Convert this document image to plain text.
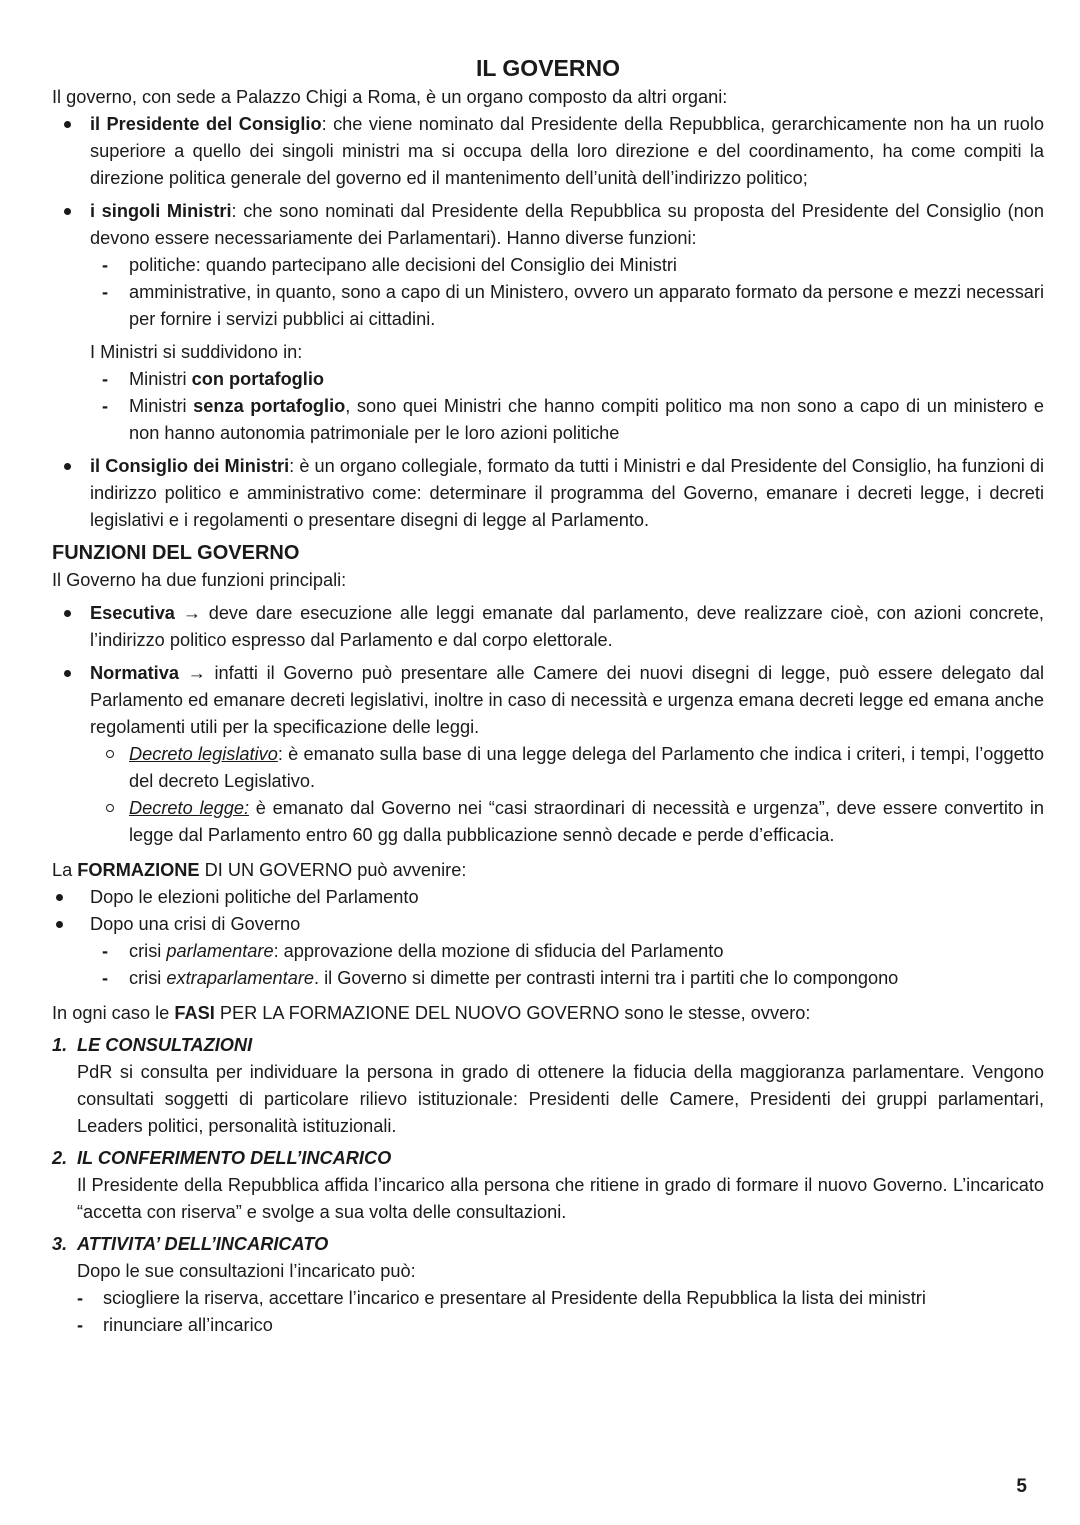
IL GOVERNO

Il governo, con sede a Palazzo Chigi a Roma, è un organo composto da altri organi:

il Presidente del Consiglio: che viene nominato dal Presidente della Repubblica, gerarchicamente non ha un ruolo superiore a quello dei singoli ministri ma si occupa della loro direzione e del coordinamento, ha come compiti la direzione politica generale del governo ed il mantenimento dell’unità dell’indirizzo politico;
i singoli Ministri: che sono nominati dal Presidente della Repubblica su proposta del Presidente del Consiglio (non devono essere necessariamente dei Parlamentari). Hanno diverse funzioni:
- politiche: quando partecipano alle decisioni del Consiglio dei Ministri
- amministrative, in quanto, sono a capo di un Ministero, ovvero un apparato formato da persone e mezzi necessari per fornire i servizi pubblici ai cittadini.
I Ministri si suddividono in:
- Ministri con portafoglio
- Ministri senza portafoglio, sono quei Ministri che hanno compiti politico ma non sono a capo di un ministero e non hanno autonomia patrimoniale per le loro azioni politiche
il Consiglio dei Ministri: è un organo collegiale, formato da tutti i Ministri e dal Presidente del Consiglio, ha funzioni di indirizzo politico e amministrativo come: determinare il programma del Governo, emanare i decreti legge, i decreti legislativi e i regolamenti o presentare disegni di legge al Parlamento.
FUNZIONI DEL GOVERNO

Il Governo ha due funzioni principali:

Esecutiva → deve dare esecuzione alle leggi emanate dal parlamento, deve realizzare cioè, con azioni concrete, l’indirizzo politico espresso dal Parlamento e dal corpo elettorale.
Normativa → infatti il Governo può presentare alle Camere dei nuovi disegni di legge, può essere delegato dal Parlamento ed emanare decreti legislativi, inoltre in caso di necessità e urgenza emana decreti legge ed emana anche regolamenti utili per la specificazione delle leggi.
Decreto legislativo: è emanato sulla base di una legge delega del Parlamento che indica i criteri, i tempi, l’oggetto del decreto Legislativo.
Decreto legge: è emanato dal Governo nei “casi straordinari di necessità e urgenza”, deve essere convertito in legge dal Parlamento entro 60 gg dalla pubblicazione sennò decade e perde d’efficacia.

La FORMAZIONE DI UN GOVERNO può avvenire:

Dopo le elezioni politiche del Parlamento
Dopo una crisi di Governo
- crisi parlamentare: approvazione della mozione di sfiducia del Parlamento
- crisi extraparlamentare. il Governo si dimette per contrasti interni tra i partiti che lo compongono

In ogni caso le FASI PER LA FORMAZIONE DEL NUOVO GOVERNO sono le stesse, ovvero:

1. LE CONSULTAZIONI
PdR si consulta per individuare la persona in grado di ottenere la fiducia della maggioranza parlamentare. Vengono consultati soggetti di particolare rilievo istituzionale: Presidenti delle Camere, Presidenti dei gruppi parlamentari, Leaders politici, personalità istituzionali.
2. IL CONFERIMENTO DELL’INCARICO
Il Presidente della Repubblica affida l’incarico alla persona che ritiene in grado di formare il nuovo Governo. L’incaricato “accetta con riserva” e svolge a sua volta delle consultazioni.
3. ATTIVITA’ DELL’INCARICATO
Dopo le sue consultazioni l’incaricato può:
- sciogliere la riserva, accettare l’incarico e presentare al Presidente della Repubblica la lista dei ministri
- rinunciare all’incarico
5
